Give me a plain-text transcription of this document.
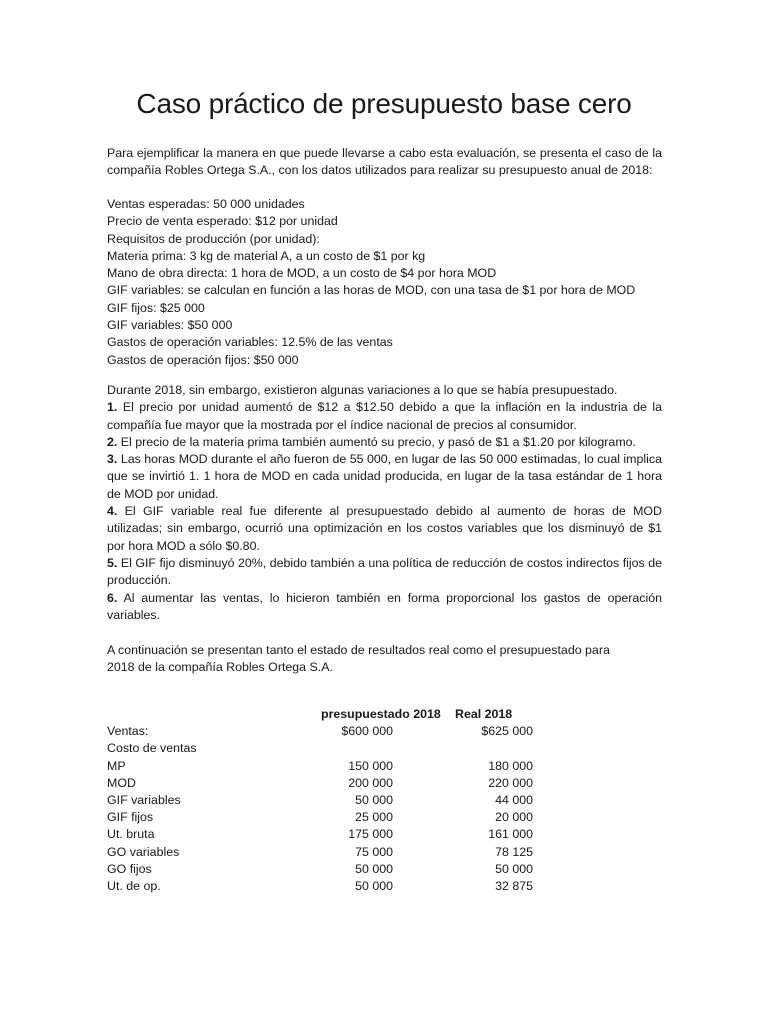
Caso práctico de presupuesto base cero
Para ejemplificar la manera en que puede llevarse a cabo esta evaluación, se presenta el caso de la compañía Robles Ortega S.A., con los datos utilizados para realizar su presupuesto anual de 2018:

Ventas esperadas: 50 000 unidades

Precio de venta esperado: $12 por unidad

Requisitos de producción (por unidad):

Materia prima: 3 kg de material A, a un costo de $1 por kg

Mano de obra directa: 1 hora de MOD, a un costo de $4 por hora MOD

GIF variables: se calculan en función a las horas de MOD, con una tasa de $1 por hora de MOD

GIF fijos: $25 000

GIF variables: $50 000

Gastos de operación variables: 12.5% de las ventas

Gastos de operación fijos: $50 000

Durante 2018, sin embargo, existieron algunas variaciones a lo que se había presupuestado.

1. El precio por unidad aumentó de $12 a $12.50 debido a que la inflación en la industria de la compañía fue mayor que la mostrada por el índice nacional de precios al consumidor.

2. El precio de la materia prima también aumentó su precio, y pasó de $1 a $1.20 por kilogramo.

3. Las horas MOD durante el año fueron de 55 000, en lugar de las 50 000 estimadas, lo cual implica que se invirtió 1. 1 hora de MOD en cada unidad producida, en lugar de la tasa estándar de 1 hora de MOD por unidad.

4. El GIF variable real fue diferente al presupuestado debido al aumento de horas de MOD utilizadas; sin embargo, ocurrió una optimización en los costos variables que los disminuyó de $1 por hora MOD a sólo $0.80.

5. El GIF fijo disminuyó 20%, debido también a una política de reducción de costos indirectos fijos de producción.

6. Al aumentar las ventas, lo hicieron también en forma proporcional los gastos de operación variables.

A continuación se presentan tanto el estado de resultados real como el presupuestado para

2018 de la compañía Robles Ortega S.A.

	presupuestado 2018	Real 2018
Ventas:	$600 000	$625 000
Costo de ventas		
MP	150 000	180 000
MOD	200 000	220 000
GIF variables	50 000	44 000
GIF fijos	25 000	20 000
Ut. bruta	175 000	161 000
GO variables	75 000	78 125
GO fijos	50 000	50 000
Ut. de op.	50 000	32 875
